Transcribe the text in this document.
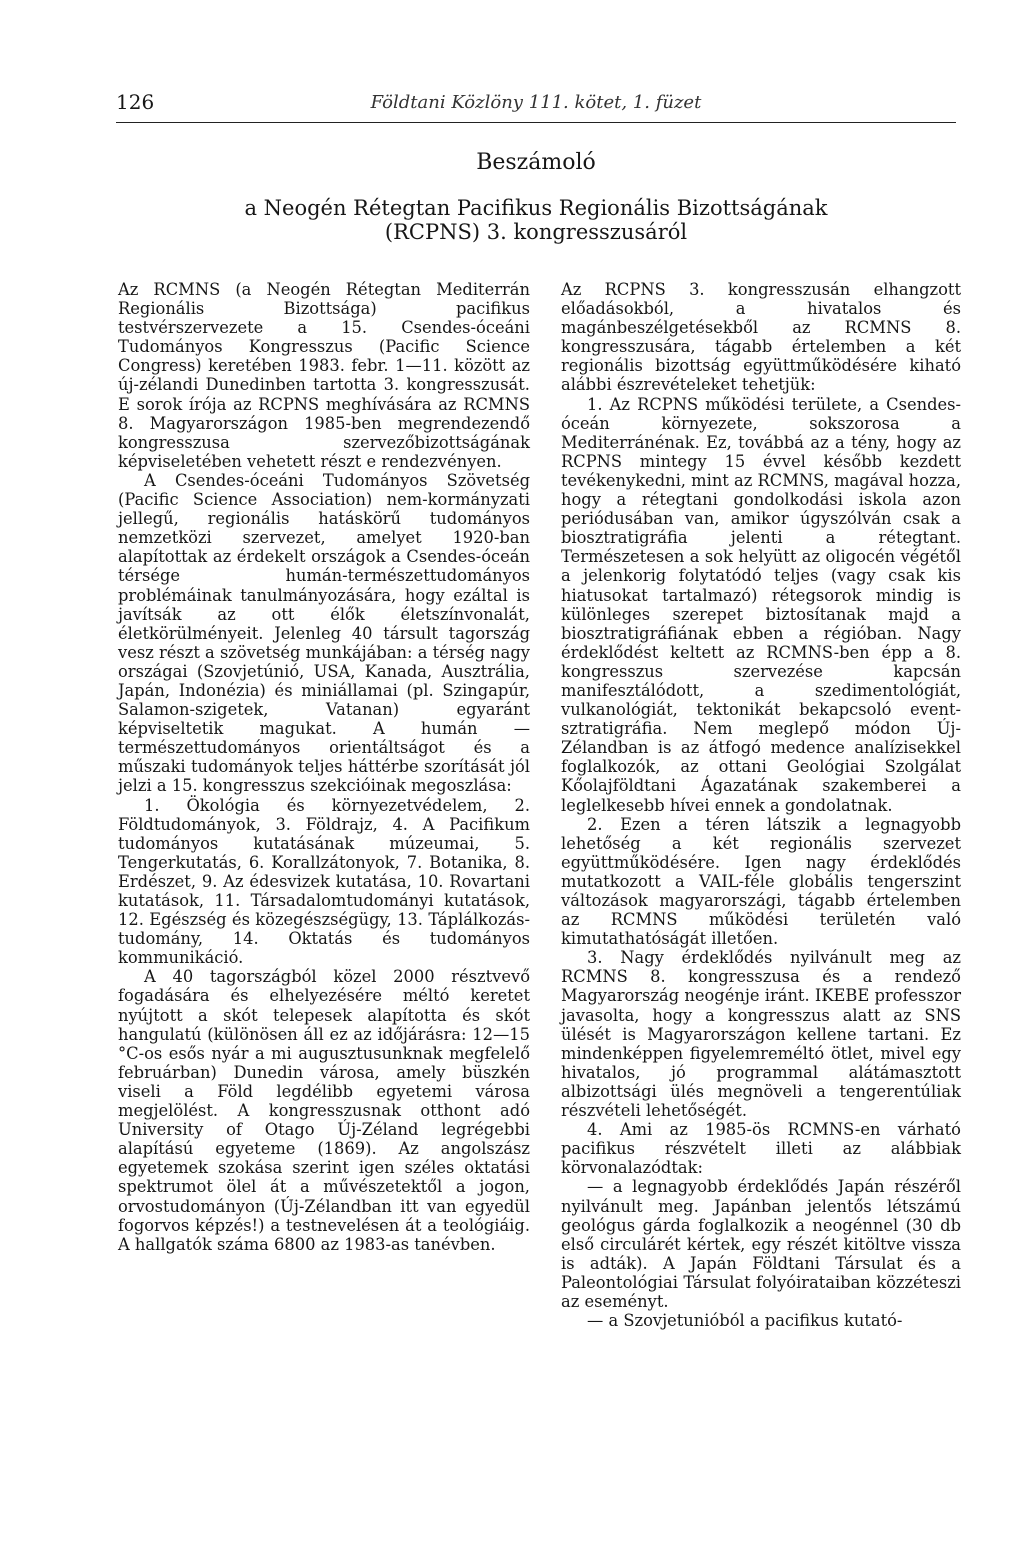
126	Földtani Közlöny 111. kötet, 1. füzet
Beszámoló
a Neogén Rétegtan Pacifikus Regionális Bizottságának
(RCPNS) 3. kongresszusáról

Az RCMNS (a Neogén Rétegtan Mediterrán Regionális Bizottsága) pacifikus testvérszervezete a 15. Csendes-óceáni Tudományos Kongresszus (Pacific Science Congress) keretében 1983. febr. 1—11. között az új-zélandi Dunedinben tartotta 3. kongresszusát. E sorok írója az RCPNS meghívására az RCMNS 8. Magyarországon 1985-ben megrendezendő kongresszusa szervezőbizottságának képviseletében vehetett részt e rendezvényen.

A Csendes-óceáni Tudományos Szövetség (Pacific Science Association) nem-kormányzati jellegű, regionális hatáskörű tudományos nemzetközi szervezet, amelyet 1920-ban alapítottak az érdekelt országok a Csendes-óceán térsége humán-természettudományos problémáinak tanulmányozására, hogy ezáltal is javítsák az ott élők életszínvonalát, életkörülményeit. Jelenleg 40 társult tagország vesz részt a szövetség munkájában: a térség nagy országai (Szovjetúnió, USA, Kanada, Ausztrália, Japán, Indonézia) és miniállamai (pl. Szingapúr, Salamon-szigetek, Vatanan) egyaránt képviseltetik magukat. A humán — természettudományos orientáltságot és a műszaki tudományok teljes háttérbe szorítását jól jelzi a 15. kongresszus szekcióinak megoszlása:

1. Ökológia és környezetvédelem, 2. Földtudományok, 3. Földrajz, 4. A Pacifikum tudományos kutatásának múzeumai, 5. Tengerkutatás, 6. Korallzátonyok, 7. Botanika, 8. Erdészet, 9. Az édesvizek kutatása, 10. Rovartani kutatások, 11. Társadalomtudományi kutatások, 12. Egészség és közegészségügy, 13. Táplálkozás-tudomány, 14. Oktatás és tudományos kommunikáció.

A 40 tagországból közel 2000 résztvevő fogadására és elhelyezésére méltó keretet nyújtott a skót telepesek alapította és skót hangulatú (különösen áll ez az időjárásra: 12—15 °C-os esős nyár a mi augusztusunknak megfelelő februárban) Dunedin városa, amely büszkén viseli a Föld legdélibb egyetemi városa megjelölést. A kongresszusnak otthont adó University of Otago Új-Zéland legrégebbi alapítású egyeteme (1869). Az angolszász egyetemek szokása szerint igen széles oktatási spektrumot ölel át a művészetektől a jogon, orvostudományon (Új-Zélandban itt van egyedül fogorvos képzés!) a testnevelésen át a teológiáig. A hallgatók száma 6800 az 1983-as tanévben.

Az RCPNS 3. kongresszusán elhangzott előadásokból, a hivatalos és magánbeszélgetésekből az RCMNS 8. kongresszusára, tágabb értelemben a két regionális bizottság együttműködésére kiható alábbi észrevételeket tehetjük:

1. Az RCPNS működési területe, a Csendes-óceán környezete, sokszorosa a Mediterránénak. Ez, továbbá az a tény, hogy az RCPNS mintegy 15 évvel később kezdett tevékenykedni, mint az RCMNS, magával hozza, hogy a rétegtani gondolkodási iskola azon periódusában van, amikor úgyszólván csak a biosztratigráfia jelenti a rétegtant. Természetesen a sok helyütt az oligocén végétől a jelenkorig folytatódó teljes (vagy csak kis hiatusokat tartalmazó) rétegsorok mindig is különleges szerepet biztosítanak majd a biosztratigráfiának ebben a régióban. Nagy érdeklődést keltett az RCMNS-ben épp a 8. kongresszus szervezése kapcsán manifesztálódott, a szedimentológiát, vulkanológiát, tektonikát bekapcsoló event-sztratigráfia. Nem meglepő módon Új-Zélandban is az átfogó medence analízisekkel foglalkozók, az ottani Geológiai Szolgálat Kőolajföldtani Ágazatának szakemberei a leglelkesebb hívei ennek a gondolatnak.

2. Ezen a téren látszik a legnagyobb lehetőség a két regionális szervezet együttműködésére. Igen nagy érdeklődés mutatkozott a VAIL-féle globális tengerszint változások magyarországi, tágabb értelemben az RCMNS működési területén való kimutathatóságát illetően.

3. Nagy érdeklődés nyilvánult meg az RCMNS 8. kongresszusa és a rendező Magyarország neogénje iránt. IKEBE professzor javasolta, hogy a kongresszus alatt az SNS ülését is Magyarországon kellene tartani. Ez mindenképpen figyelemreméltó ötlet, mivel egy hivatalos, jó programmal alátámasztott albizottsági ülés megnöveli a tengerentúliak részvételi lehetőségét.

4. Ami az 1985-ös RCMNS-en várható pacifikus részvételt illeti az alábbiak körvonalazódtak:

— a legnagyobb érdeklődés Japán részéről nyilvánult meg. Japánban jelentős létszámú geológus gárda foglalkozik a neogénnel (30 db első circulárét kértek, egy részét kitöltve vissza is adták). A Japán Földtani Társulat és a Paleontológiai Társulat folyóirataiban közzéteszi az eseményt.

— a Szovjetunióból a pacifikus kutató-
